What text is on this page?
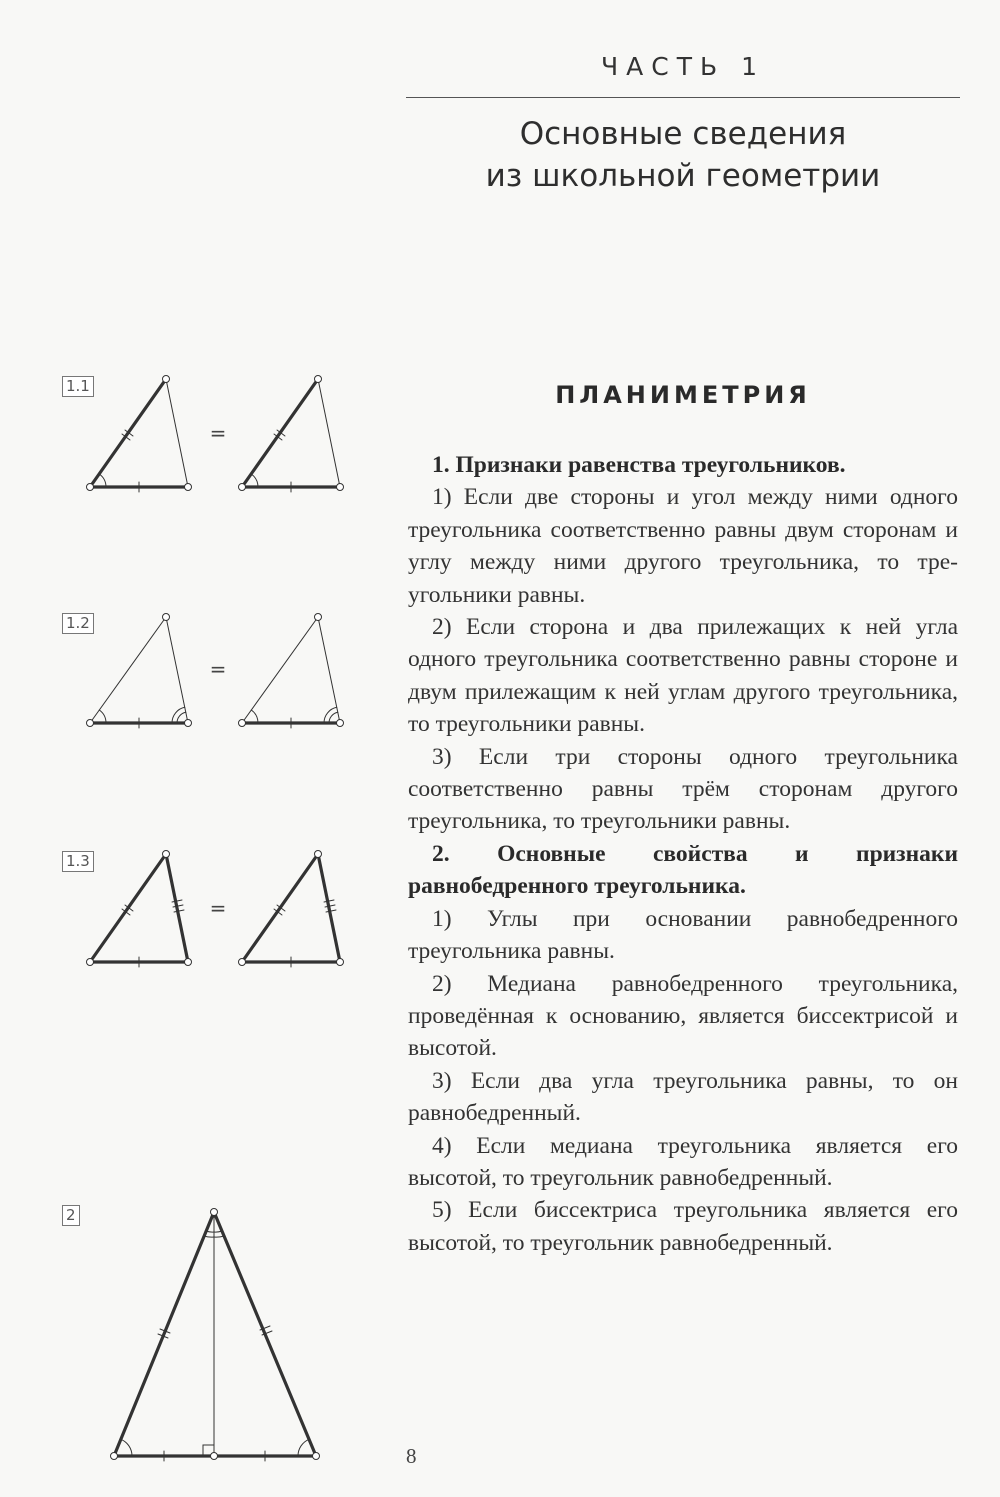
ЧАСТЬ 1
Основные сведения
из школьной геометрии
ПЛАНИМЕТРИЯ

1. Признаки равенства треугольников.

1) Если две стороны и угол между ними одного треугольника соответственно равны двум сторонам и углу между ними другого треугольника, то треугольники равны.

2) Если сторона и два прилежащих к ней угла одного треугольника соответственно равны стороне и двум прилежащим к ней углам другого треугольника, то треугольники равны.

3) Если три стороны одного треугольника соответственно равны трём сторонам другого треугольника, то треугольники равны.

2. Основные свойства и признаки равнобедренного треугольника.

1) Углы при основании равнобедренного треугольника равны.

2) Медиана равнобедренного треугольника, проведённая к основанию, является биссектрисой и высотой.

3) Если два угла треугольника равны, то он равнобедренный.

4) Если медиана треугольника является его высотой, то треугольник равнобедренный.

5) Если биссектриса треугольника является его высотой, то треугольник равнобедренный.

1.1
1.2
1.3
2
=
=
=
8
